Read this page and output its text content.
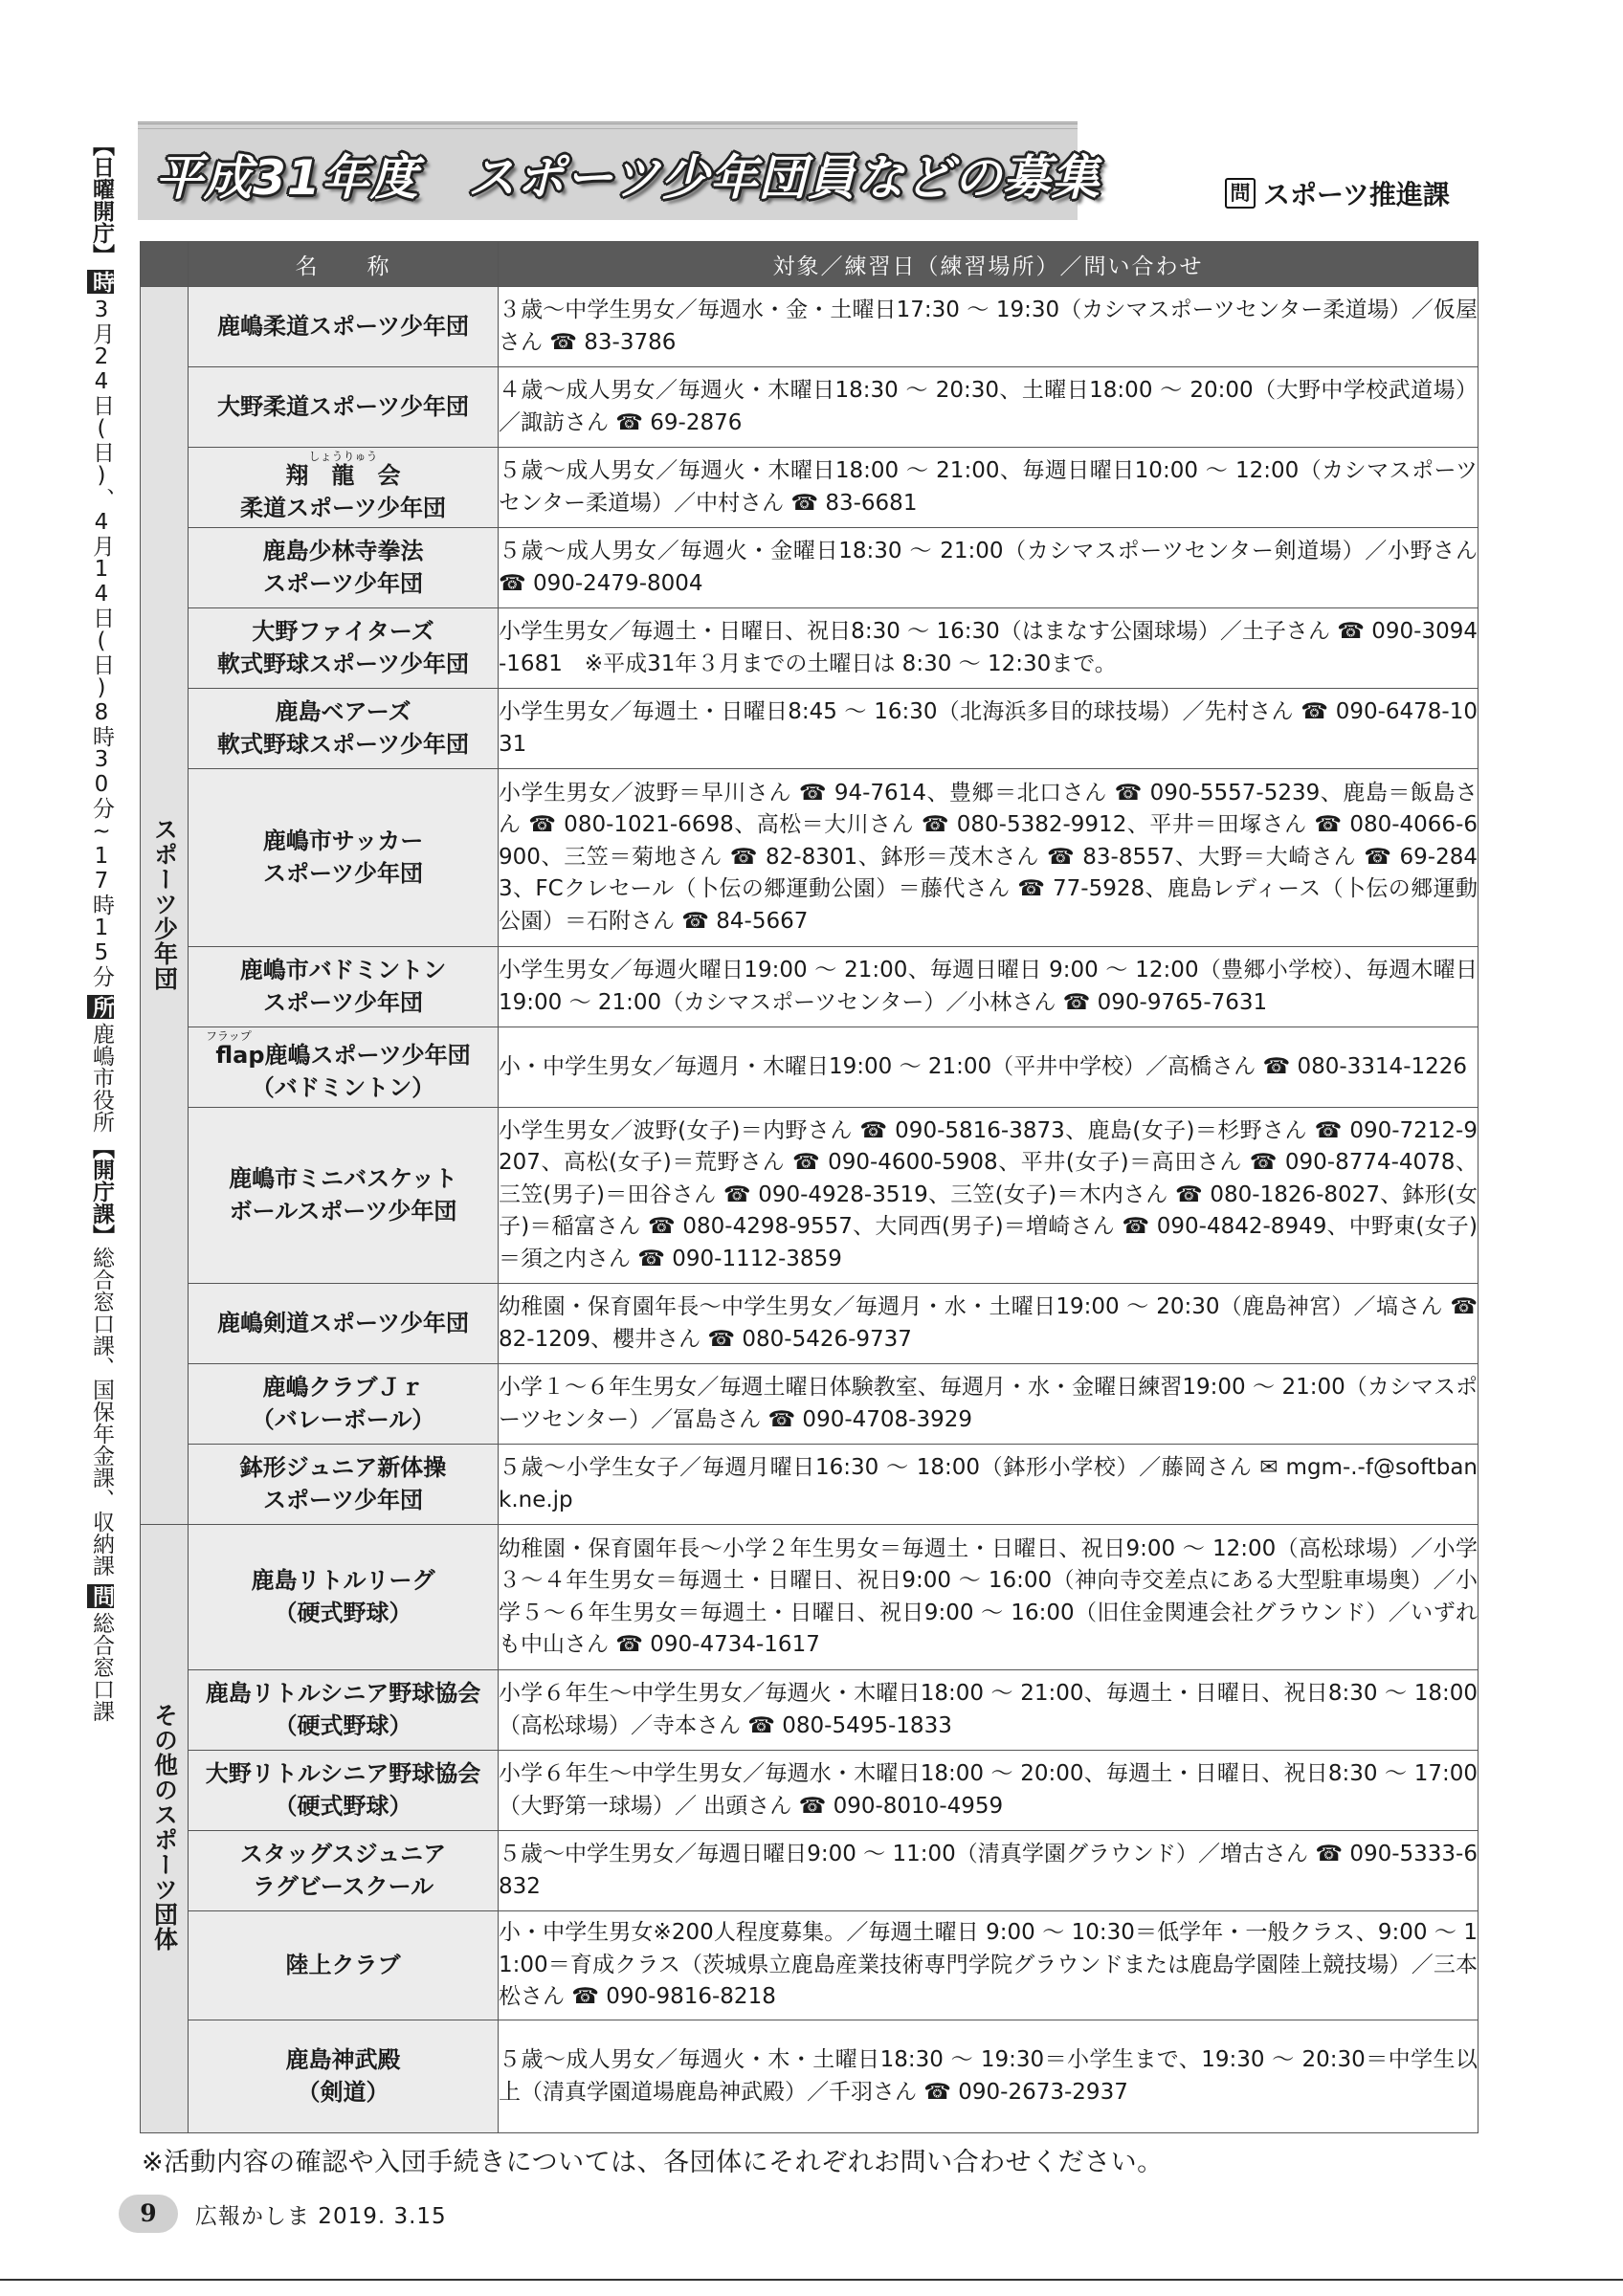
【日曜開庁】
時
3月24日(日)、4月14日(日)8時30分~17時15分
所
鹿嶋市役所
【開庁課】
総合窓口課、国保年金課、収納課
問
総合窓口課
平成31年度　スポーツ少年団員などの募集	問 スポーツ推進課
	名　　称	対象／練習日（練習場所）／問い合わせ
スポーツ少年団	鹿嶋柔道スポーツ少年団	３歳～中学生男女／毎週水・金・土曜日17:30 ～ 19:30（カシマスポーツセンター柔道場）／仮屋さん ☎ 83-3786
	大野柔道スポーツ少年団	４歳～成人男女／毎週火・木曜日18:30 ～ 20:30、土曜日18:00 ～ 20:00（大野中学校武道場）／諏訪さん ☎ 69-2876

	しょうりゅう
翔　龍　会
柔道スポーツ少年団	５歳～成人男女／毎週火・木曜日18:00 ～ 21:00、毎週日曜日10:00 ～ 12:00（カシマスポーツセンター柔道場）／中村さん ☎ 83-6681
	鹿島少林寺拳法
スポーツ少年団	５歳～成人男女／毎週火・金曜日18:30 ～ 21:00（カシマスポーツセンター剣道場）／小野さん ☎ 090-2479-8004
	大野ファイターズ
軟式野球スポーツ少年団	小学生男女／毎週土・日曜日、祝日8:30 ～ 16:30（はまなす公園球場）／土子さん ☎ 090-3094-1681　※平成31年３月までの土曜日は 8:30 ～ 12:30まで。
	鹿島ベアーズ
軟式野球スポーツ少年団	小学生男女／毎週土・日曜日8:45 ～ 16:30（北海浜多目的球技場）／先村さん ☎ 090-6478-1031
	鹿嶋市サッカー
スポーツ少年団	小学生男女／波野＝早川さん ☎ 94-7614、豊郷＝北口さん ☎ 090-5557-5239、鹿島＝飯島さん ☎ 080-1021-6698、高松＝大川さん ☎ 080-5382-9912、平井＝田塚さん ☎ 080-4066-6900、三笠＝菊地さん ☎ 82-8301、鉢形＝茂木さん ☎ 83-8557、大野＝大崎さん ☎ 69-2843、FCクレセール（卜伝の郷運動公園）＝藤代さん ☎ 77-5928、鹿島レディース（卜伝の郷運動公園）＝石附さん ☎ 84-5667
	鹿嶋市バドミントン
スポーツ少年団	小学生男女／毎週火曜日19:00 ～ 21:00、毎週日曜日 9:00 ～ 12:00（豊郷小学校）、毎週木曜日 19:00 ～ 21:00（カシマスポーツセンター）／小林さん ☎ 090-9765-7631

	フラップ
flap鹿嶋スポーツ少年団
（バドミントン）	小・中学生男女／毎週月・木曜日19:00 ～ 21:00（平井中学校）／高橋さん ☎ 080-3314-1226
	鹿嶋市ミニバスケット
ボールスポーツ少年団	小学生男女／波野(女子)＝内野さん ☎ 090-5816-3873、鹿島(女子)＝杉野さん ☎ 090-7212-9207、高松(女子)＝荒野さん ☎ 090-4600-5908、平井(女子)＝高田さん ☎ 090-8774-4078、三笠(男子)＝田谷さん ☎ 090-4928-3519、三笠(女子)＝木内さん ☎ 080-1826-8027、鉢形(女子)＝稲富さん ☎ 080-4298-9557、大同西(男子)＝増崎さん ☎ 090-4842-8949、中野東(女子)＝須之内さん ☎ 090-1112-3859
	鹿嶋剣道スポーツ少年団	幼稚園・保育園年長～中学生男女／毎週月・水・土曜日19:00 ～ 20:30（鹿島神宮）／塙さん ☎ 82-1209、櫻井さん ☎ 080-5426-9737
	鹿嶋クラブＪｒ
（バレーボール）	小学１～６年生男女／毎週土曜日体験教室、毎週月・水・金曜日練習19:00 ～ 21:00（カシマスポーツセンター）／冨島さん ☎ 090-4708-3929
	鉢形ジュニア新体操
スポーツ少年団	５歳～小学生女子／毎週月曜日16:30 ～ 18:00（鉢形小学校）／藤岡さん ✉ mgm-.-f@softbank.ne.jp
その他のスポーツ団体	鹿島リトルリーグ
（硬式野球）	幼稚園・保育園年長～小学２年生男女＝毎週土・日曜日、祝日9:00 ～ 12:00（高松球場）／小学３～４年生男女＝毎週土・日曜日、祝日9:00 ～ 16:00（神向寺交差点にある大型駐車場奥）／小学５～６年生男女＝毎週土・日曜日、祝日9:00 ～ 16:00（旧住金関連会社グラウンド）／いずれも中山さん ☎ 090-4734-1617
	鹿島リトルシニア野球協会
（硬式野球）	小学６年生～中学生男女／毎週火・木曜日18:00 ～ 21:00、毎週土・日曜日、祝日8:30 ～ 18:00（高松球場）／寺本さん ☎ 080-5495-1833
	大野リトルシニア野球協会
（硬式野球）	小学６年生～中学生男女／毎週水・木曜日18:00 ～ 20:00、毎週土・日曜日、祝日8:30 ～ 17:00（大野第一球場）／ 出頭さん ☎ 090-8010-4959
	スタッグスジュニア
ラグビースクール	５歳～中学生男女／毎週日曜日9:00 ～ 11:00（清真学園グラウンド）／増古さん ☎ 090-5333-6832
	陸上クラブ	小・中学生男女※200人程度募集。／毎週土曜日 9:00 ～ 10:30＝低学年・一般クラス、9:00 ～ 11:00＝育成クラス（茨城県立鹿島産業技術専門学院グラウンドまたは鹿島学園陸上競技場）／三本松さん ☎ 090-9816-8218
	鹿島神武殿
（剣道）	５歳～成人男女／毎週火・木・土曜日18:30 ～ 19:30＝小学生まで、19:30 ～ 20:30＝中学生以上（清真学園道場鹿島神武殿）／千羽さん ☎ 090-2673-2937
※活動内容の確認や入団手続きについては、各団体にそれぞれお問い合わせください。
9	広報かしま 2019. 3.15
